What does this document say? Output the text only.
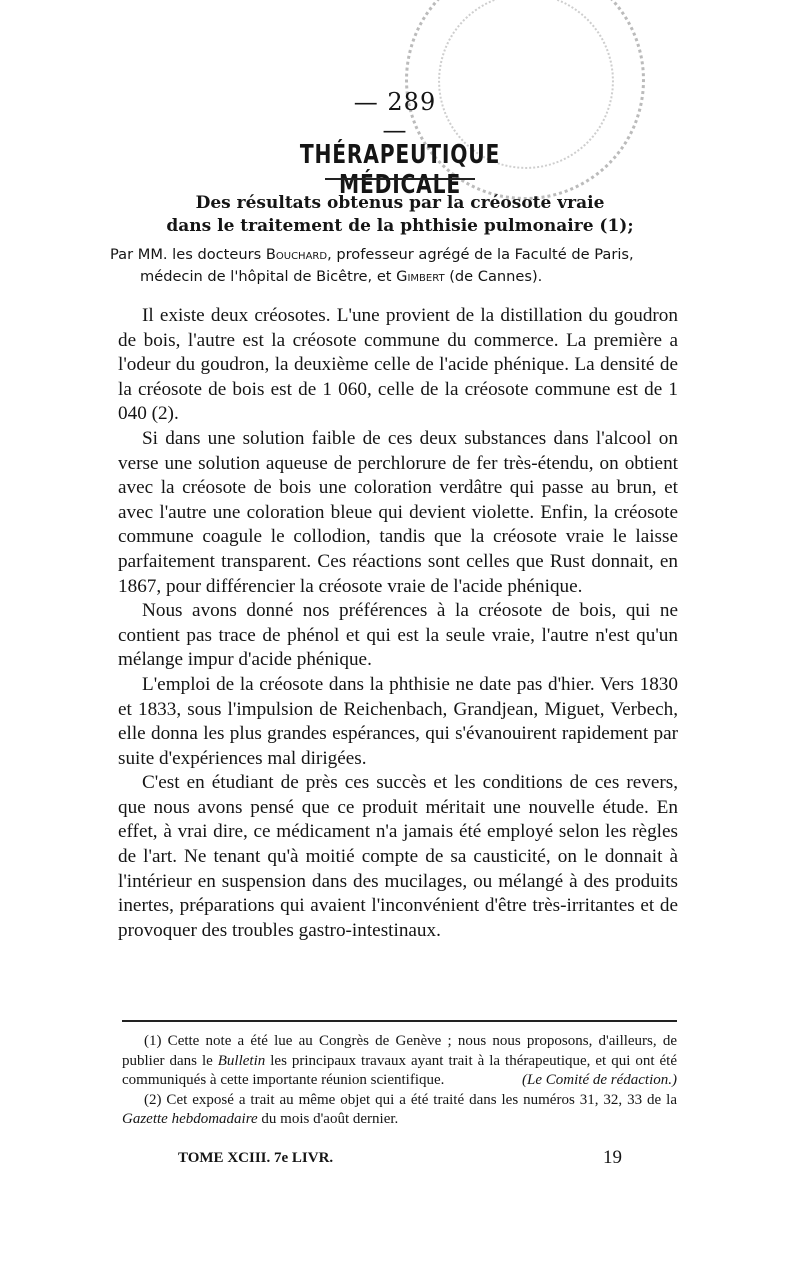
— 289 —
THÉRAPEUTIQUE MÉDICALE
Des résultats obtenus par la créosote vraie
dans le traitement de la phthisie pulmonaire (1);
Par MM. les docteurs Bouchard, professeur agrégé de la Faculté de Paris,
médecin de l'hôpital de Bicêtre, et Gimbert (de Cannes).

Il existe deux créosotes. L'une provient de la distillation du goudron de bois, l'autre est la créosote commune du commerce. La première a l'odeur du goudron, la deuxième celle de l'acide phénique. La densité de la créosote de bois est de 1 060, celle de la créosote commune est de 1 040 (2).

Si dans une solution faible de ces deux substances dans l'alcool on verse une solution aqueuse de perchlorure de fer très-étendu, on obtient avec la créosote de bois une coloration verdâtre qui passe au brun, et avec l'autre une coloration bleue qui devient violette. Enfin, la créosote commune coagule le collodion, tandis que la créosote vraie le laisse parfaitement transparent. Ces réactions sont celles que Rust donnait, en 1867, pour différencier la créosote vraie de l'acide phénique.

Nous avons donné nos préférences à la créosote de bois, qui ne contient pas trace de phénol et qui est la seule vraie, l'autre n'est qu'un mélange impur d'acide phénique.

L'emploi de la créosote dans la phthisie ne date pas d'hier. Vers 1830 et 1833, sous l'impulsion de Reichenbach, Grandjean, Miguet, Verbech, elle donna les plus grandes espérances, qui s'évanouirent rapidement par suite d'expériences mal dirigées.

C'est en étudiant de près ces succès et les conditions de ces revers, que nous avons pensé que ce produit méritait une nouvelle étude. En effet, à vrai dire, ce médicament n'a jamais été employé selon les règles de l'art. Ne tenant qu'à moitié compte de sa causticité, on le donnait à l'intérieur en suspension dans des mucilages, ou mélangé à des produits inertes, préparations qui avaient l'inconvénient d'être très-irritantes et de provoquer des troubles gastro-intestinaux.

(1) Cette note a été lue au Congrès de Genève ; nous nous proposons, d'ailleurs, de publier dans le Bulletin les principaux travaux ayant trait à la thérapeutique, et qui ont été communiqués à cette importante réunion scientifique.	(Le Comité de rédaction.)

(2) Cet exposé a trait au même objet qui a été traité dans les numéros 31, 32, 33 de la Gazette hebdomadaire du mois d'août dernier.

TOME XCIII. 7e LIVR.	19
